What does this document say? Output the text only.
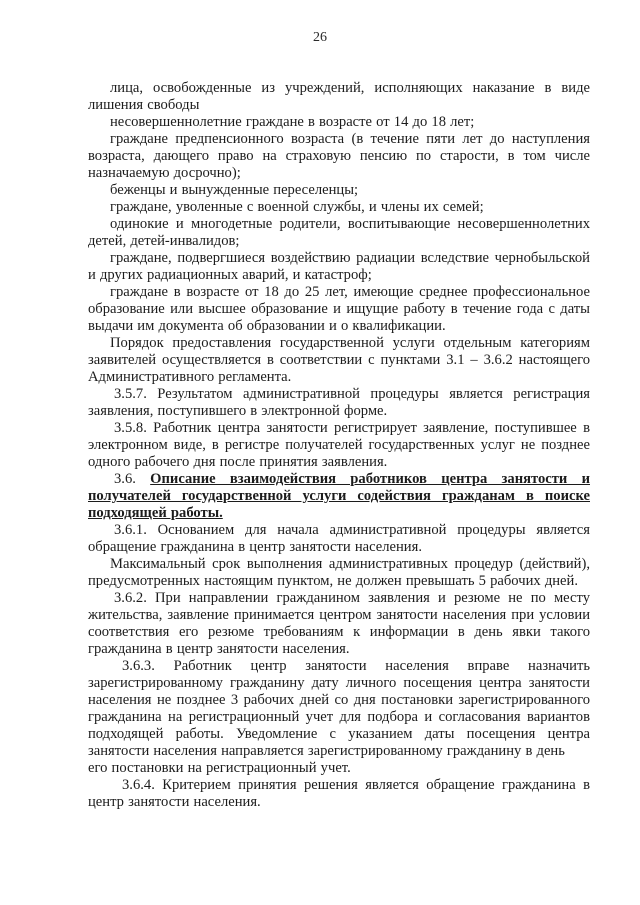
26

лица, освобожденные из учреждений, исполняющих наказание в виде лишения свободы

несовершеннолетние граждане в возрасте от 14 до 18 лет;

граждане предпенсионного возраста (в течение пяти лет до наступления возраста, дающего право на страховую пенсию по старости, в том числе назначаемую досрочно);

беженцы и вынужденные переселенцы;

граждане, уволенные с военной службы, и члены их семей;

одинокие и многодетные родители, воспитывающие несовершеннолетних детей, детей-инвалидов;

граждане, подвергшиеся воздействию радиации вследствие чернобыльской и других радиационных аварий, и катастроф;

граждане в возрасте от 18 до 25 лет, имеющие среднее профессиональное образование или высшее образование и ищущие работу в течение года с даты выдачи им документа об образовании и о квалификации.

Порядок предоставления государственной услуги отдельным категориям заявителей осуществляется в соответствии с пунктами 3.1 – 3.6.2 настоящего Административного регламента.

3.5.7. Результатом административной процедуры является регистрация заявления, поступившего в электронной форме.

3.5.8. Работник центра занятости регистрирует заявление, поступившее в электронном виде, в регистре получателей государственных услуг не позднее одного рабочего дня после принятия заявления.

3.6. Описание взаимодействия работников центра занятости и получателей государственной услуги содействия гражданам в поиске подходящей работы.

3.6.1. Основанием для начала административной процедуры является обращение гражданина в центр занятости населения.

Максимальный срок выполнения административных процедур (действий), предусмотренных настоящим пунктом, не должен превышать 5 рабочих дней.

3.6.2. При направлении гражданином заявления и резюме не по месту жительства, заявление принимается центром занятости населения при условии соответствия его резюме требованиям к информации в день явки такого гражданина в центр занятости населения.

3.6.3. Работник центр занятости населения вправе назначить зарегистрированному гражданину дату личного посещения центра занятости населения не позднее 3 рабочих дней со дня постановки зарегистрированного гражданина на регистрационный учет для подбора и согласования вариантов подходящей работы. Уведомление с указанием даты посещения центра занятости населения направляется зарегистрированному гражданину в день
его постановки на регистрационный учет.

3.6.4. Критерием принятия решения является обращение гражданина в центр занятости населения.
